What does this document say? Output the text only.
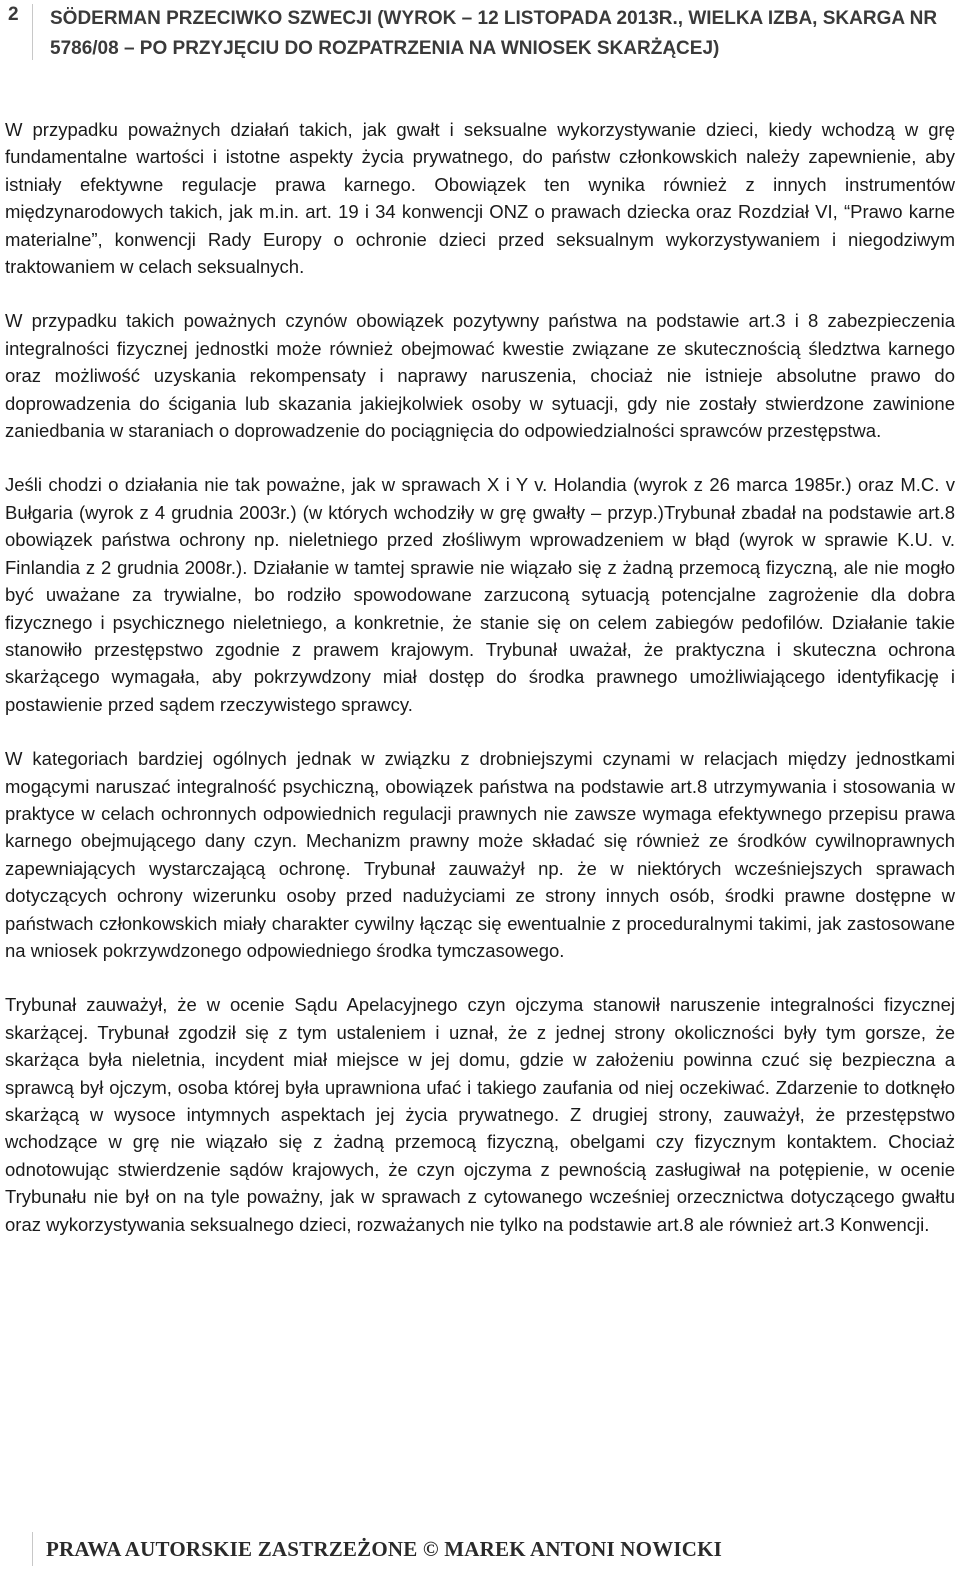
2 SÖDERMAN PRZECIWKO SZWECJI (WYROK – 12 LISTOPADA 2013R., WIELKA IZBA, SKARGA NR 5786/08 – PO PRZYJĘCIU DO ROZPATRZENIA NA WNIOSEK SKARŻĄCEJ)

W przypadku poważnych działań takich, jak gwałt i seksualne wykorzystywanie dzieci, kiedy wchodzą w grę fundamentalne wartości i istotne aspekty życia prywatnego, do państw członkowskich należy zapewnienie, aby istniały efektywne regulacje prawa karnego. Obowiązek ten wynika również z innych instrumentów międzynarodowych takich, jak m.in. art. 19 i 34 konwencji ONZ o prawach dziecka oraz Rozdział VI, “Prawo karne materialne”, konwencji Rady Europy o ochronie dzieci przed seksualnym wykorzystywaniem i niegodziwym traktowaniem w celach seksualnych.

W przypadku takich poważnych czynów obowiązek pozytywny państwa na podstawie art.3 i 8 zabezpieczenia integralności fizycznej jednostki może również obejmować kwestie związane ze skutecznością śledztwa karnego oraz możliwość uzyskania rekompensaty i naprawy naruszenia, chociaż nie istnieje absolutne prawo do doprowadzenia do ścigania lub skazania jakiejkolwiek osoby w sytuacji, gdy nie zostały stwierdzone zawinione zaniedbania w staraniach o doprowadzenie do pociągnięcia do odpowiedzialności sprawców przestępstwa.

Jeśli chodzi o działania nie tak poważne, jak w sprawach X i Y v. Holandia (wyrok z 26 marca 1985r.) oraz M.C. v Bułgaria (wyrok z 4 grudnia 2003r.) (w których wchodziły w grę gwałty – przyp.)Trybunał zbadał na podstawie art.8 obowiązek państwa ochrony np. nieletniego przed złośliwym wprowadzeniem w błąd (wyrok w sprawie K.U. v. Finlandia z 2 grudnia 2008r.). Działanie w tamtej sprawie nie wiązało się z żadną przemocą fizyczną, ale nie mogło być uważane za trywialne, bo rodziło spowodowane zarzuconą sytuacją potencjalne zagrożenie dla dobra fizycznego i psychicznego nieletniego, a konkretnie, że stanie się on celem zabiegów pedofilów. Działanie takie stanowiło przestępstwo zgodnie z prawem krajowym. Trybunał uważał, że praktyczna i skuteczna ochrona skarżącego wymagała, aby pokrzywdzony miał dostęp do środka prawnego umożliwiającego identyfikację i postawienie przed sądem rzeczywistego sprawcy.

W kategoriach bardziej ogólnych jednak w związku z drobniejszymi czynami w relacjach między jednostkami mogącymi naruszać integralność psychiczną, obowiązek państwa na podstawie art.8 utrzymywania i stosowania w praktyce w celach ochronnych odpowiednich regulacji prawnych nie zawsze wymaga efektywnego przepisu prawa karnego obejmującego dany czyn. Mechanizm prawny może składać się również ze środków cywilnoprawnych zapewniających wystarczającą ochronę. Trybunał zauważył np. że w niektórych wcześniejszych sprawach dotyczących ochrony wizerunku osoby przed nadużyciami ze strony innych osób, środki prawne dostępne w państwach członkowskich miały charakter cywilny łącząc się ewentualnie z proceduralnymi takimi, jak zastosowane na wniosek pokrzywdzonego odpowiedniego środka tymczasowego.

Trybunał zauważył, że w ocenie Sądu Apelacyjnego czyn ojczyma stanowił naruszenie integralności fizycznej skarżącej. Trybunał zgodził się z tym ustaleniem i uznał, że z jednej strony okoliczności były tym gorsze, że skarżąca była nieletnia, incydent miał miejsce w jej domu, gdzie w założeniu powinna czuć się bezpieczna a sprawcą był ojczym, osoba której była uprawniona ufać i takiego zaufania od niej oczekiwać. Zdarzenie to dotknęło skarżącą w wysoce intymnych aspektach jej życia prywatnego. Z drugiej strony, zauważył, że przestępstwo wchodzące w grę nie wiązało się z żadną przemocą fizyczną, obelgami czy fizycznym kontaktem. Chociaż odnotowując stwierdzenie sądów krajowych, że czyn ojczyma z pewnością zasługiwał na potępienie, w ocenie Trybunału nie był on na tyle poważny, jak w sprawach z cytowanego wcześniej orzecznictwa dotyczącego gwałtu oraz wykorzystywania seksualnego dzieci, rozważanych nie tylko na podstawie art.8 ale również art.3 Konwencji.

PRAWA AUTORSKIE ZASTRZEŻONE © MAREK ANTONI NOWICKI
